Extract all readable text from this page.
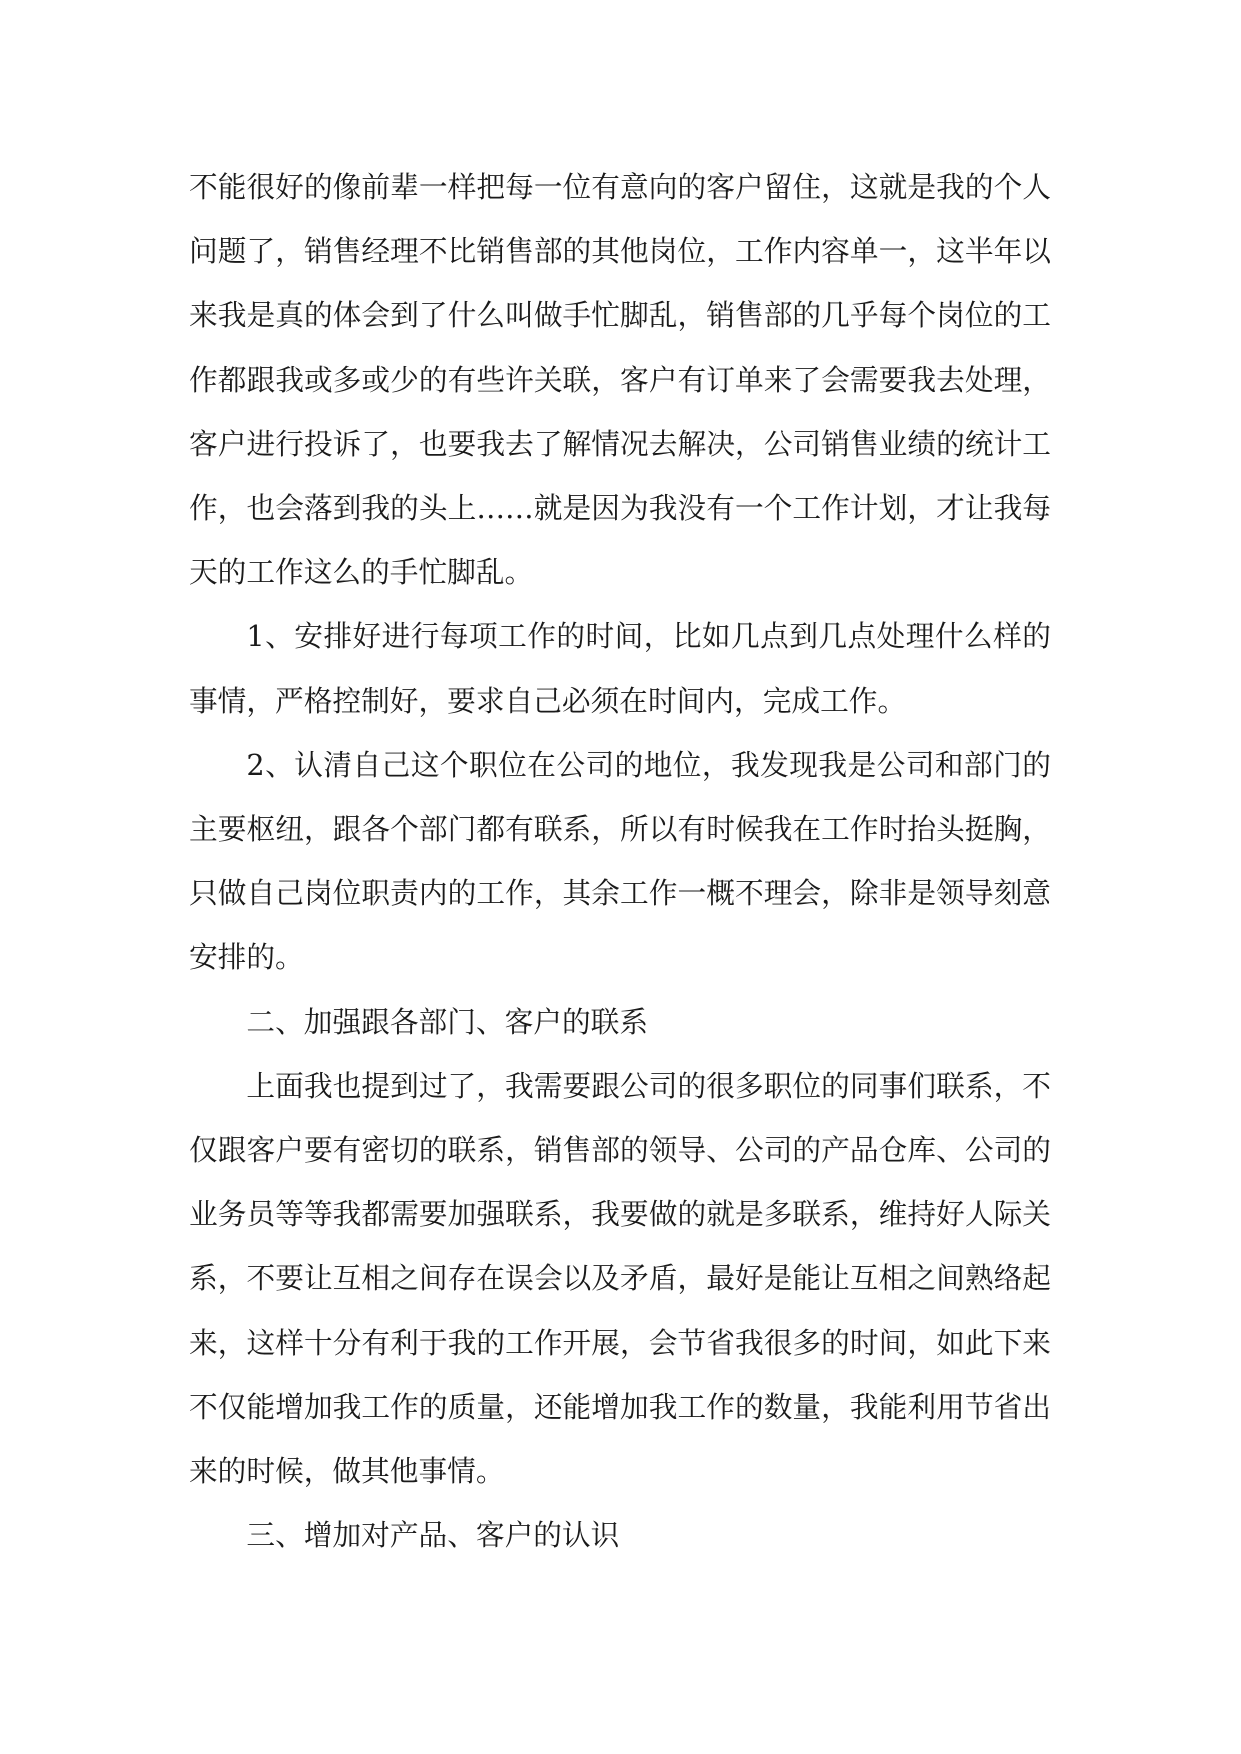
不能很好的像前辈一样把每一位有意向的客户留住，这就是我的个人问题了，销售经理不比销售部的其他岗位，工作内容单一，这半年以来我是真的体会到了什么叫做手忙脚乱，销售部的几乎每个岗位的工作都跟我或多或少的有些许关联，客户有订单来了会需要我去处理，客户进行投诉了，也要我去了解情况去解决，公司销售业绩的统计工作，也会落到我的头上……就是因为我没有一个工作计划，才让我每天的工作这么的手忙脚乱。

1、安排好进行每项工作的时间，比如几点到几点处理什么样的事情，严格控制好，要求自己必须在时间内，完成工作。

2、认清自己这个职位在公司的地位，我发现我是公司和部门的主要枢纽，跟各个部门都有联系，所以有时候我在工作时抬头挺胸，只做自己岗位职责内的工作，其余工作一概不理会，除非是领导刻意安排的。

二、加强跟各部门、客户的联系

上面我也提到过了，我需要跟公司的很多职位的同事们联系，不仅跟客户要有密切的联系，销售部的领导、公司的产品仓库、公司的业务员等等我都需要加强联系，我要做的就是多联系，维持好人际关系，不要让互相之间存在误会以及矛盾，最好是能让互相之间熟络起来，这样十分有利于我的工作开展，会节省我很多的时间，如此下来不仅能增加我工作的质量，还能增加我工作的数量，我能利用节省出来的时候，做其他事情。

三、增加对产品、客户的认识
